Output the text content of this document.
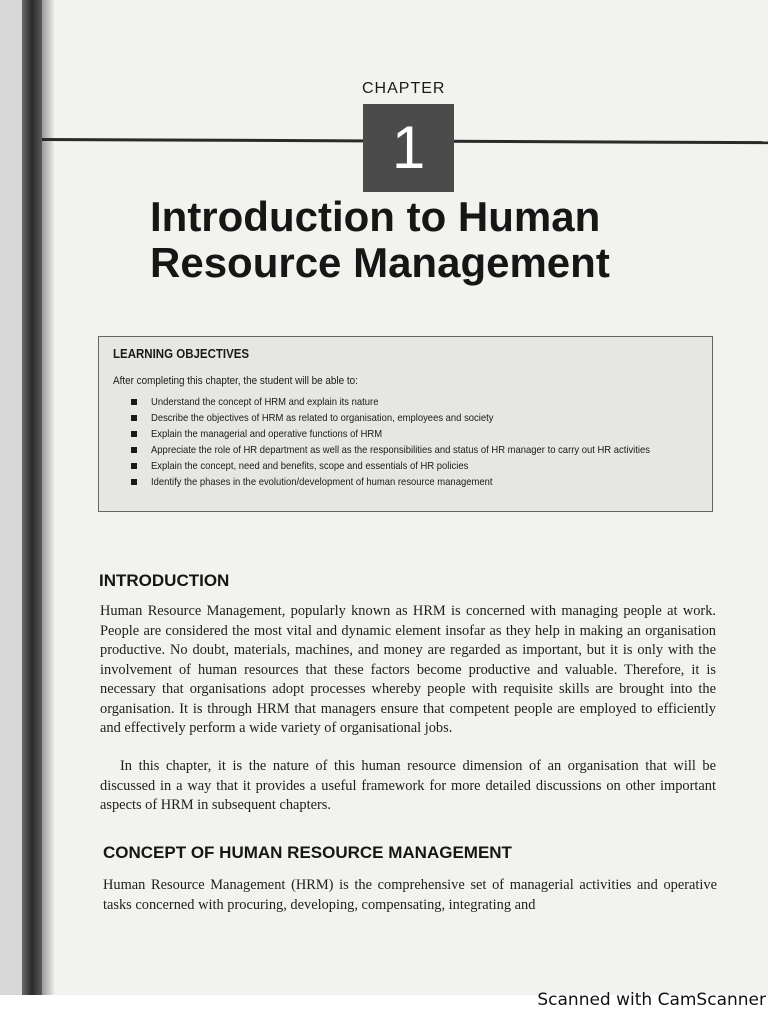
CHAPTER
1
Introduction to Human Resource Management
LEARNING OBJECTIVES
After completing this chapter, the student will be able to:
Understand the concept of HRM and explain its nature
Describe the objectives of HRM as related to organisation, employees and society
Explain the managerial and operative functions of HRM
Appreciate the role of HR department as well as the responsibilities and status of HR manager to carry out HR activities
Explain the concept, need and benefits, scope and essentials of HR policies
Identify the phases in the evolution/development of human resource management
INTRODUCTION

Human Resource Management, popularly known as HRM is concerned with managing people at work. People are considered the most vital and dynamic element insofar as they help in making an organisation productive. No doubt, materials, machines, and money are regarded as important, but it is only with the involvement of human resources that these factors become productive and valuable. Therefore, it is necessary that organisations adopt processes whereby people with requisite skills are brought into the organisation. It is through HRM that managers ensure that competent people are employed to efficiently and effectively perform a wide variety of organisational jobs.

In this chapter, it is the nature of this human resource dimension of an organisation that will be discussed in a way that it provides a useful framework for more detailed discussions on other important aspects of HRM in subsequent chapters.

CONCEPT OF HUMAN RESOURCE MANAGEMENT

Human Resource Management (HRM) is the comprehensive set of managerial activities and operative tasks concerned with procuring, developing, compensating, integrating and

Scanned with CamScanner
